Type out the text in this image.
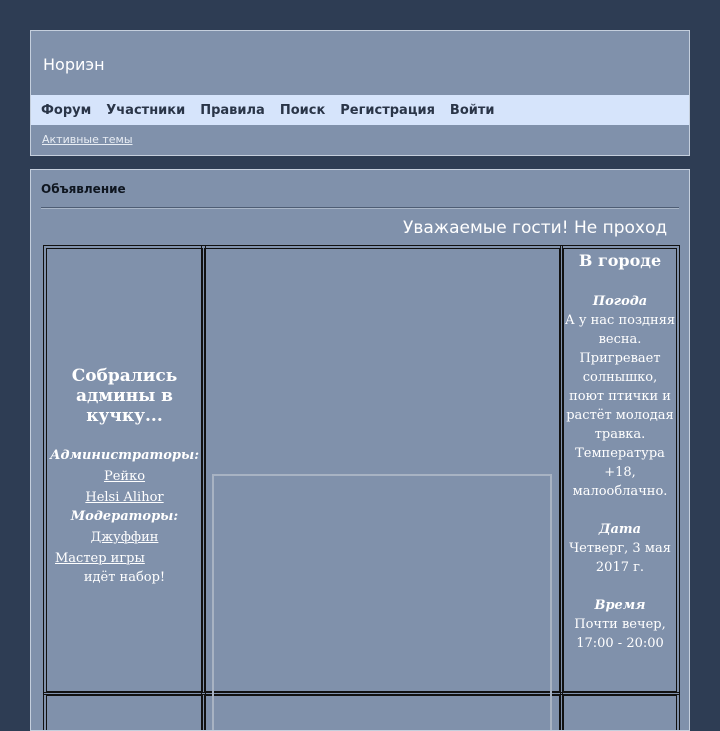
Нориэн
Форум Участники Правила Поиск Регистрация Войти
Активные темы
Объявление
Уважаемые гости! Не проход
Собрались админы в кучку...
Администраторы:
Рейко
Helsi Alihor
Модераторы:
Джуффин
Мастер игры
идёт набор!
В городе
Погода
А у нас поздняя весна. Пригревает солнышко, поют птички и растёт молодая травка. Температура +18, малооблачно.
Дата
Четверг, 3 мая 2017 г.
Время
Почти вечер, 17:00 - 20:00
